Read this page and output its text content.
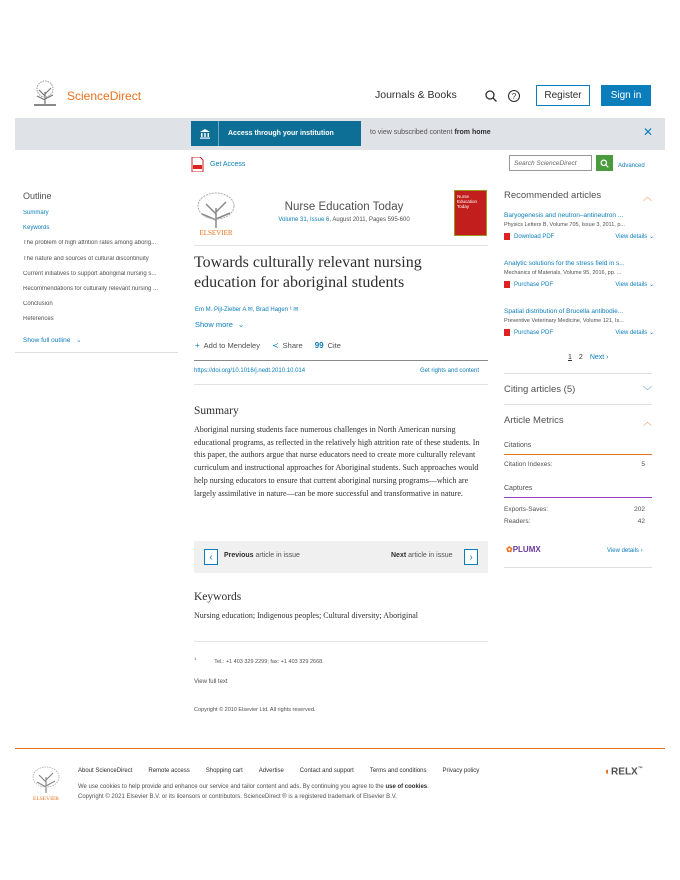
ScienceDirect	Journals & Books	?	Register	Sign in
Access through your institution	to view subscribed content from home	✕
Get Access	Search ScienceDirect	Advanced
Outline
Summary
Keywords
The problem of high attrition rates among aborig...
The nature and sources of cultural discontinuity
Current initiatives to support aboriginal nursing s...
Recommendations for culturally relevant nursing ...
Conclusion
References
Show full outline ⌄
ELSEVIER
Nurse Education Today
Volume 31, Issue 6, August 2011, Pages 595-600
Nurse Education Today
Towards culturally relevant nursing education for aboriginal students
Em M. Pijl-Zieber A ✉, Brad Hagen ¹ ✉
Show more ⌄
+ Add to Mendeley ≺ Share 99 Cite
https://doi.org/10.1016/j.nedt.2010.10.014	Get rights and content
Summary

Aboriginal nursing students face numerous challenges in North American nursing educational programs, as reflected in the relatively high attrition rate of these students. In this paper, the authors argue that nurse educators need to create more culturally relevant curriculum and instructional approaches for Aboriginal students. Such approaches would help nursing educators to ensure that current aboriginal nursing programs—which are largely assimilative in nature—can be more successful and transformative in nature.

‹	Previous article in issue	Next article in issue	›
Keywords
Nursing education; Indigenous peoples; Cultural diversity; Aboriginal
$^1$Tel.: +1 403 329 2299; fax: +1 403 329 2668.
View full text
Copyright © 2010 Elsevier Ltd. All rights reserved.
Recommended articles	︿
Baryogenesis and neutron–antineutron ...
Physics Letters B, Volume 705, Issue 3, 2011, p...
Download PDF	View details ⌄
Analytic solutions for the stress field in s...
Mechanics of Materials, Volume 95, 2016, pp. ...
Purchase PDF	View details ⌄
Spatial distribution of Brucella antibodie...
Preventive Veterinary Medicine, Volume 121, Is...
Purchase PDF	View details ⌄
1 2 Next ›
Citing articles (5)	﹀
Article Metrics	︿
Citations
Citation Indexes:	5
Captures
Exports-Saves:	202
Readers:	42
✿PLUMX	View details ›
ELSEVIER
About ScienceDirect	Remote access	Shopping cart	Advertise	Contact and support	Terms and conditions	Privacy policy
We use cookies to help provide and enhance our service and tailor content and ads. By continuing you agree to the use of cookies.
Copyright © 2021 Elsevier B.V. or its licensors or contributors. ScienceDirect ® is a registered trademark of Elsevier B.V.
◐RELX™
